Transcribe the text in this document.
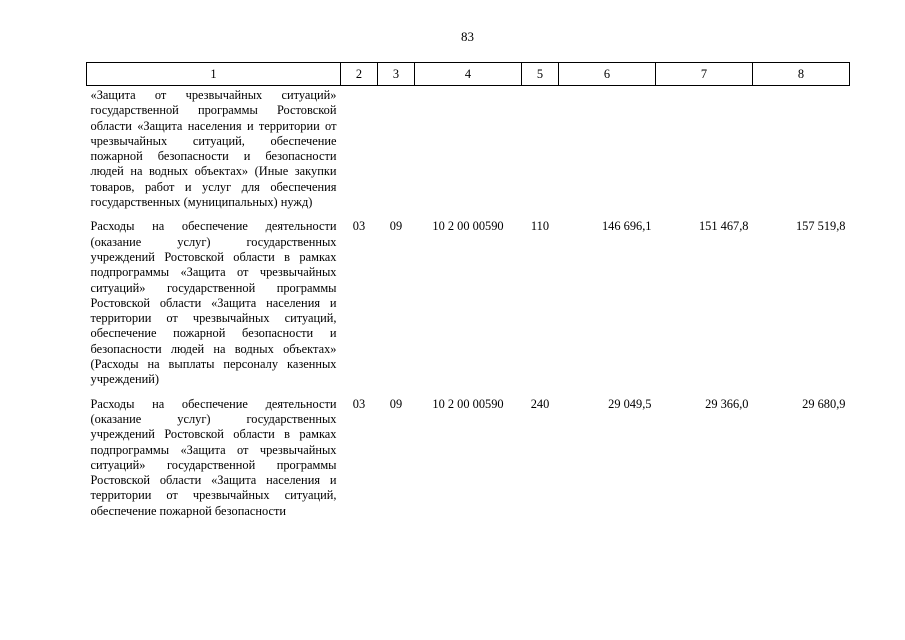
83
1	2	3	4	5	6	7	8
«Защита от чрезвычайных ситуаций» государственной программы Ростовской области «Защита населения и территории от чрезвычайных ситуаций, обеспечение пожарной безопасности и безопасности людей на водных объектах» (Иные закупки товаров, работ и услуг для обеспечения государственных (муниципальных) нужд)							
Расходы на обеспечение деятельности (оказание услуг) государственных учреждений Ростовской области в рамках подпрограммы «Защита от чрезвычайных ситуаций» государственной программы Ростовской области «Защита населения и территории от чрезвычайных ситуаций, обеспечение пожарной безопасности и безопасности людей на водных объектах» (Расходы на выплаты персоналу казенных учреждений)	03	09	10 2 00 00590	110	146 696,1	151 467,8	157 519,8
Расходы на обеспечение деятельности (оказание услуг) государственных учреждений Ростовской области в рамках подпрограммы «Защита от чрезвычайных ситуаций» государственной программы Ростовской области «Защита населения и территории от чрезвычайных ситуаций, обеспечение пожарной безопасности	03	09	10 2 00 00590	240	29 049,5	29 366,0	29 680,9
